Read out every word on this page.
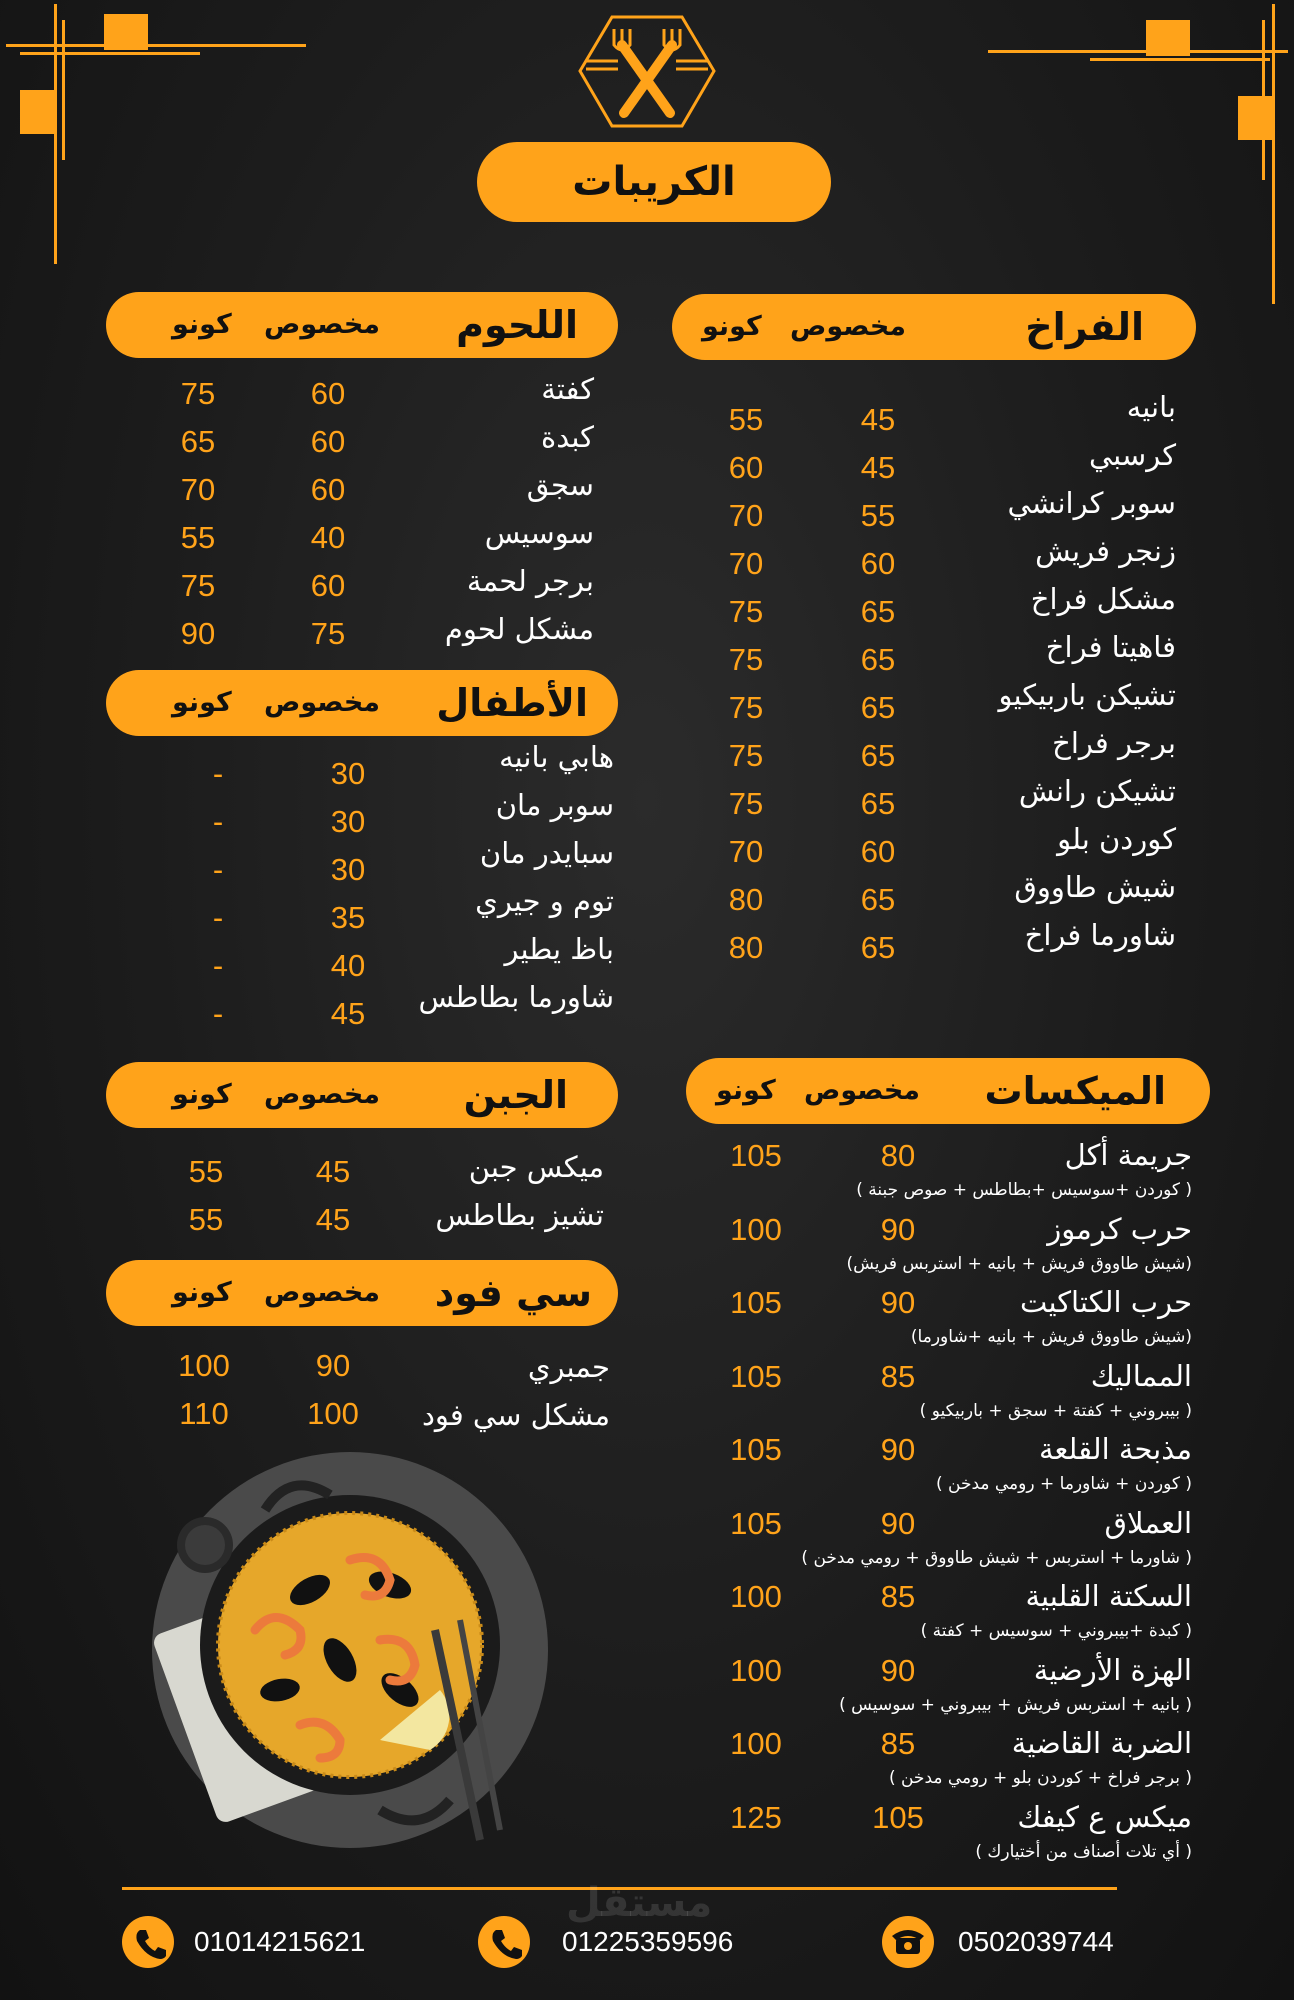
الكريبات
الفراخ
مخصوص
كونو
بانيه
45
55
كرسبي
45
60
سوبر كرانشي
55
70
زنجر فريش
60
70
مشكل فراخ
65
75
فاهيتا فراخ
65
75
تشيكن باربيكيو
65
75
برجر فراخ
65
75
تشيكن رانش
65
75
كوردن بلو
60
70
شيش طاووق
65
80
شاورما فراخ
65
80
اللحوم
مخصوص
كونو
كفتة
60
75
كبدة
60
65
سجق
60
70
سوسيس
40
55
برجر لحمة
60
75
مشكل لحوم
75
90
الأطفال
مخصوص
كونو
هابي بانيه
30
-
سوبر مان
30
-
سبايدر مان
30
-
توم و جيري
35
-
باظ يطير
40
-
شاورما بطاطس
45
-
الجبن
مخصوص
كونو
ميكس جبن
45
55
تشيز بطاطس
45
55
سي فود
مخصوص
كونو
جمبري
90
100
مشكل سي فود
100
110
الميكسات
مخصوص
كونو
جريمة أكل
80
105
( كوردن +سوسيس +بطاطس + صوص جبنة )
حرب كرموز
90
100
(شيش طاووق فريش + بانيه + استربس فريش)
حرب الكتاكيت
90
105
(شيش طاووق فريش + بانيه +شاورما)
المماليك
85
105
( بيبروني + كفتة + سجق + باربيكيو )
مذبحة القلعة
90
105
( كوردن + شاورما + رومي مدخن )
العملاق
90
105
( شاورما + استربس + شيش طاووق + رومي مدخن )
السكتة القلبية
85
100
( كبدة +بيبروني + سوسيس + كفتة )
الهزة الأرضية
90
100
( بانيه + استربس فريش + بيبروني + سوسيس )
الضربة القاضية
85
100
( برجر فراخ + كوردن بلو + رومي مدخن )
ميكس ع كيفك
105
125
( أي تلات أصناف من أختيارك )
01014215621	01225359596	0502039744
مستقل
